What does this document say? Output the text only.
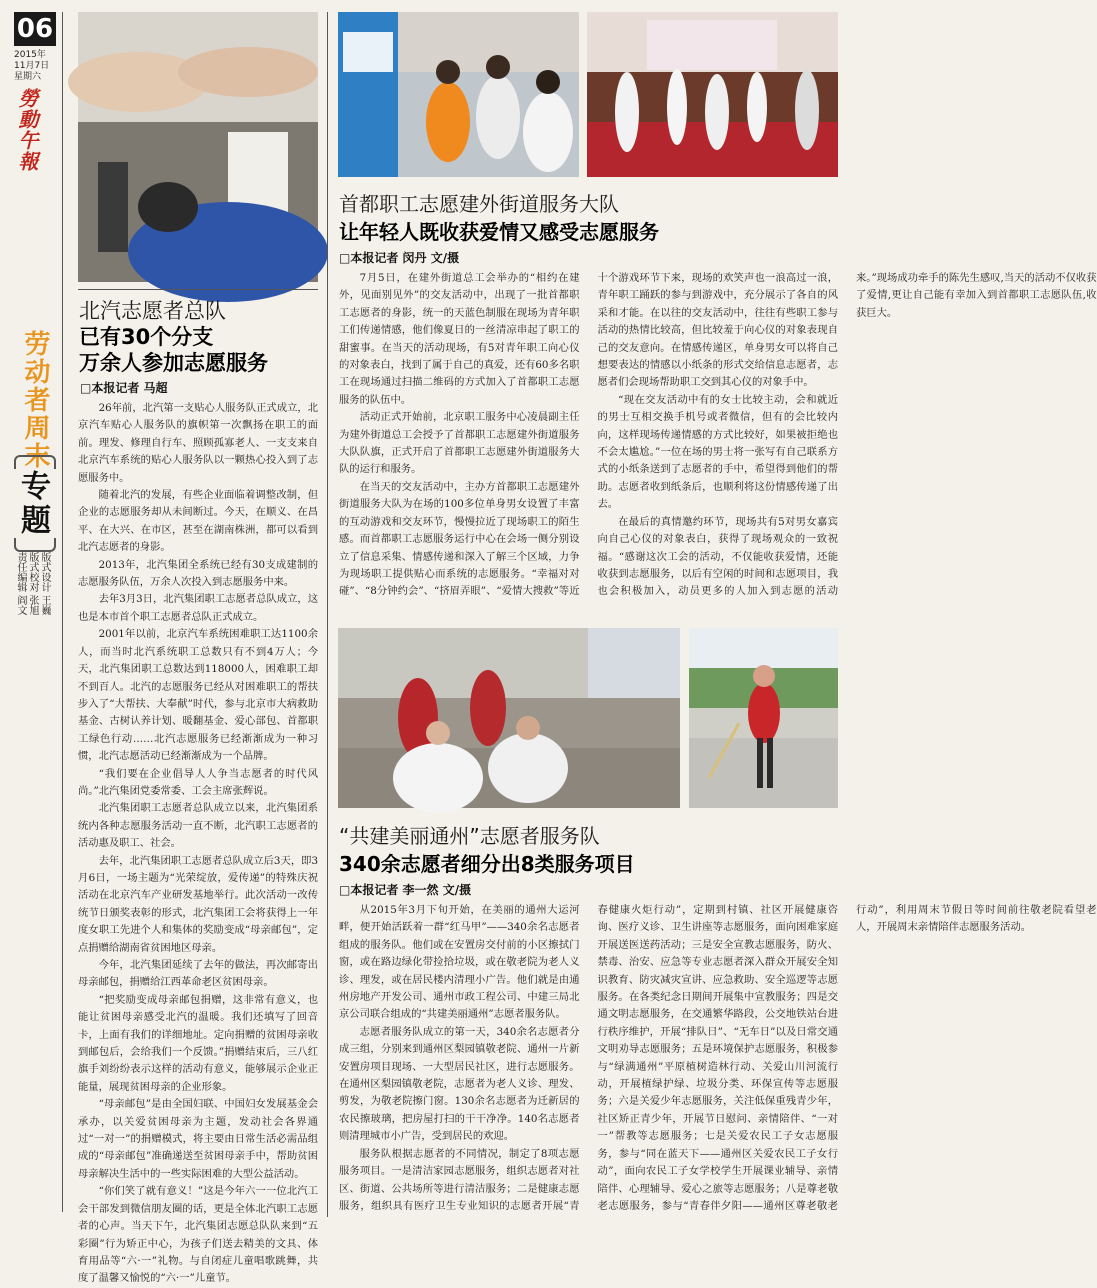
06
2015年
11月7日
星期六
勞動午報
劳动者周末
专题
版式设计 王巍
版式校对 张旭
责任编辑 阎文
北汽志愿者总队
已有30个分支
万余人参加志愿服务
□本报记者 马超

26年前，北汽第一支贴心人服务队正式成立，北京汽车贴心人服务队的旗帜第一次飘扬在职工的面前。理发、修理自行车、照顾孤寡老人、一支支来自北京汽车系统的贴心人服务队以一颗热心投入到了志愿服务中。

随着北汽的发展，有些企业面临着调整改制，但企业的志愿服务却从未间断过。今天，在顺义、在昌平、在大兴、在市区，甚至在湖南株洲，都可以看到北汽志愿者的身影。

2013年，北汽集团全系统已经有30支成建制的志愿服务队伍，万余人次投入到志愿服务中来。

去年3月3日，北汽集团职工志愿者总队成立，这也是本市首个职工志愿者总队正式成立。

2001年以前，北京汽车系统困难职工达1100余人，而当时北汽系统职工总数只有不到4万人；今天，北汽集团职工总数达到118000人，困难职工却不到百人。北汽的志愿服务已经从对困难职工的帮扶步入了“大帮扶、大奉献”时代，参与北京市大病救助基金、古树认养计划、暖翻基金、爱心部包、首都职工绿色行动……北汽志愿服务已经渐渐成为一种习惯，北汽志愿活动已经渐渐成为一个品牌。

“我们要在企业倡导人人争当志愿者的时代风尚。”北汽集团党委常委、工会主席张辉说。

北汽集团职工志愿者总队成立以来，北汽集团系统内各种志愿服务活动一直不断，北汽职工志愿者的活动惠及职工、社会。

去年，北汽集团职工志愿者总队成立后3天，即3月6日，一场主题为“光荣绽放，爱传递”的特殊庆祝活动在北京汽车产业研发基地举行。此次活动一改传统节日颁奖表彰的形式，北汽集团工会将获得上一年度女职工先进个人和集体的奖励变成“母亲邮包”，定点捐赠给湖南省贫困地区母亲。

今年，北汽集团延续了去年的做法，再次邮寄出母亲邮包，捐赠给江西革命老区贫困母亲。

“把奖励变成母亲邮包捐赠，这非常有意义，也能让贫困母亲感受北汽的温暖。我们还填写了回音卡，上面有我们的详细地址。定向捐赠的贫困母亲收到邮包后，会给我们一个反馈。”捐赠结束后，三八红旗手刘纷纷表示这样的活动有意义，能够展示企业正能量，展现贫困母亲的企业形象。

“母亲邮包”是由全国妇联、中国妇女发展基金会承办，以关爱贫困母亲为主题，发动社会各界通过“一对一”的捐赠模式，将主要由日常生活必需品组成的“母亲邮包”准确递送至贫困母亲手中，帮助贫困母亲解决生活中的一些实际困难的大型公益活动。

“你们笑了就有意义！”这是今年六一一位北汽工会干部发到微信朋友圈的话，更是全体北汽职工志愿者的心声。当天下午，北汽集团志愿总队队来到“五彩圈”行为矫正中心，为孩子们送去精美的文具、体育用品等“六·一”礼物。与自闭症儿童唱歌跳舞，共度了温馨又愉悦的“六·一”儿童节。

首都职工志愿建外街道服务大队
让年轻人既收获爱情又感受志愿服务
□本报记者 闵丹 文/摄

7月5日，在建外街道总工会举办的“相约在建外，见面别见外”的交友活动中，出现了一批首都职工志愿者的身影，统一的天蓝色制服在现场为青年职工们传递情感，他们像夏日的一丝清凉串起了职工的甜蜜事。在当天的活动现场，有5对青年职工向心仪的对象表白，找到了属于自己的真爱，还有60多名职工在现场通过扫描二维码的方式加入了首都职工志愿服务的队伍中。

活动正式开始前，北京职工服务中心凌晨副主任为建外街道总工会授予了首都职工志愿建外街道服务大队队旗，正式开启了首都职工志愿建外街道服务大队的运行和服务。

在当天的交友活动中，主办方首都职工志愿建外街道服务大队为在场的100多位单身男女设置了丰富的互动游戏和交友环节，慢慢拉近了现场职工的陌生感。而首都职工志愿服务运行中心在会场一侧分别设立了信息采集、情感传递和深入了解三个区域，力争为现场职工提供贴心而系统的志愿服务。“幸福对对碰”、“8分钟约会”、“挤眉弄眼”、“爱情大搜救”等近十个游戏环节下来，现场的欢笑声也一浪高过一浪，青年职工踊跃的参与到游戏中，充分展示了各自的风采和才能。在以往的交友活动中，往往有些职工参与活动的热情比较高，但比较羞于向心仪的对象表现自己的交友意向。在情感传递区，单身男女可以将自己想要表达的情感以小纸条的形式交给信息志愿者，志愿者们会现场帮助职工交到其心仪的对象手中。

“现在交友活动中有的女士比较主动，会和就近的男士互相交换手机号或者微信，但有的会比较内向，这样现场传递情感的方式比较好，如果被拒绝也不会太尴尬。”一位在场的男士将一张写有自己联系方式的小纸条送到了志愿者的手中，希望得到他们的帮助。志愿者收到纸条后，也顺利将这份情感传递了出去。

在最后的真情邀约环节，现场共有5对男女嘉宾向自己心仪的对象表白，获得了现场观众的一致祝福。“感谢这次工会的活动，不仅能收获爱情，还能收获到志愿服务，以后有空闲的时间和志愿项目，我也会积极加入，动员更多的人加入到志愿的活动来。”现场成功牵手的陈先生感叹,当天的活动不仅收获了爱情,更让自己能有幸加入到首都职工志愿队伍,收获巨大。

“共建美丽通州”志愿者服务队
340余志愿者细分出8类服务项目
□本报记者 李一然 文/摄

从2015年3月下旬开始，在美丽的通州大运河畔，便开始活跃着一群“红马甲”——340余名志愿者组成的服务队。他们或在安置房交付前的小区擦拭门窗，或在路边绿化带捡拾垃圾，或在敬老院为老人义诊、理发，或在居民楼内清理小广告。他们就是由通州房地产开发公司、通州市政工程公司、中建三局北京公司联合组成的“共建美丽通州”志愿者服务队。

志愿者服务队成立的第一天，340余名志愿者分成三组，分别来到通州区梨园镇敬老院、通州一片新安置房项目现场、一大型居民社区，进行志愿服务。在通州区梨园镇敬老院，志愿者为老人义诊、理发、剪发，为敬老院擦门窗。130余名志愿者为迁新居的农民擦玻璃，把房屋打扫的干干净净。140名志愿者则清理城市小广告，受到居民的欢迎。

服务队根据志愿者的不同情况，制定了8项志愿服务项目。一是清洁家园志愿服务，组织志愿者对社区、街道、公共场所等进行清洁服务；二是健康志愿服务，组织具有医疗卫生专业知识的志愿者开展“青春健康火炬行动”，定期到村镇、社区开展健康咨询、医疗义诊、卫生讲座等志愿服务，面向困难家庭开展送医送药活动；三是安全宣教志愿服务，防火、禁毒、治安、应急等专业志愿者深入群众开展安全知识教育、防灾减灾宣讲、应急救助、安全巡逻等志愿服务。在各类纪念日期间开展集中宣教服务；四是交通文明志愿服务，在交通繁华路段，公交地铁站台进行秩序维护，开展“排队日”、“无车日”以及日常交通文明劝导志愿服务；五是环境保护志愿服务，积极参与“绿满通州”平原植树造林行动、关爱山川河流行动，开展植绿护绿、垃圾分类、环保宣传等志愿服务；六是关爱少年志愿服务，关注低保重残青少年，社区矫正青少年，开展节日慰问、亲情陪伴、“一对一”帮教等志愿服务；七是关爱农民工子女志愿服务，参与“同在蓝天下——通州区关爱农民工子女行动”，面向农民工子女学校学生开展课业辅导、亲情陪伴、心理辅导、爱心之旅等志愿服务；八是尊老敬老志愿服务，参与“青春伴夕阳——通州区尊老敬老行动”，利用周末节假日等时间前往敬老院看望老人，开展周末亲情陪伴志愿服务活动。
